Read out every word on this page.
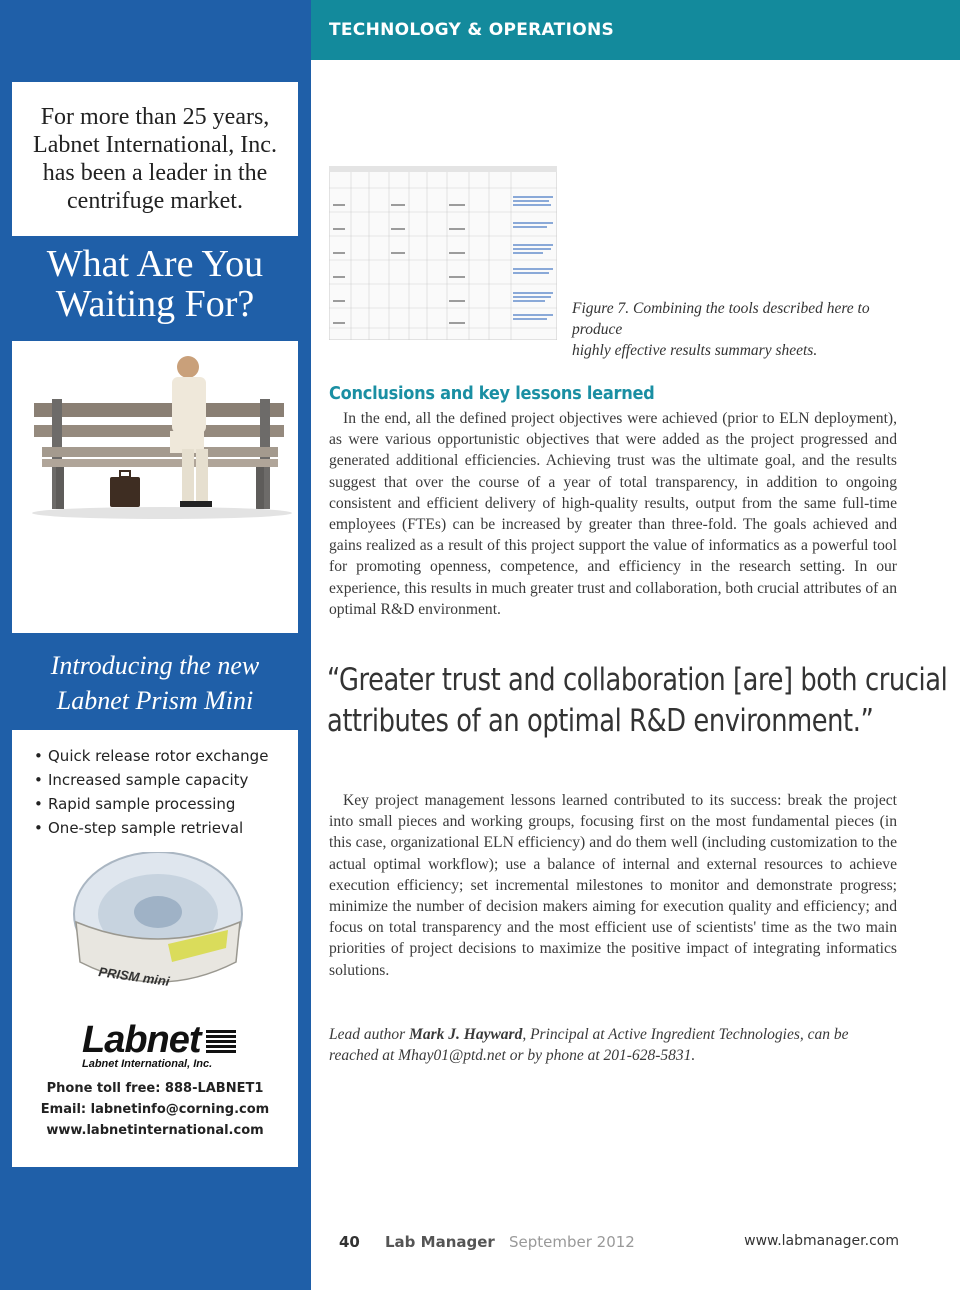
For more than 25 years,
Labnet International, Inc.
has been a leader in the
centrifuge market.
What Are You
Waiting For?
Introducing the new
Labnet Prism Mini
• Quick release rotor exchange
• Increased sample capacity
• Rapid sample processing
• One-step sample retrieval
PRISM mini
Labnet
Labnet International, Inc.
Phone toll free: 888-LABNET1
Email: labnetinfo@corning.com
www.labnetinternational.com
TECHNOLOGY & OPERATIONS
Figure 7. Combining the tools described here to produce
highly effective results summary sheets.
Conclusions and key lessons learned

In the end, all the defined project objectives were achieved (prior to ELN deployment), as were various opportunistic objectives that were added as the project progressed and generated additional efficiencies. Achieving trust was the ultimate goal, and the results suggest that over the course of a year of total transparency, in addition to ongoing consistent and efficient delivery of high-quality results, output from the same full-time employees (FTEs) can be increased by greater than three-fold. The goals achieved and gains realized as a result of this project support the value of informatics as a powerful tool for promoting openness, competence, and efficiency in the research setting. In our experience, this results in much greater trust and collaboration, both crucial attributes of an optimal R&D environment.

“Greater trust and collaboration [are] both crucial
attributes of an optimal R&D environment.”

Key project management lessons learned contributed to its success: break the project into small pieces and working groups, focusing first on the most fundamental pieces (in this case, organizational ELN efficiency) and do them well (including customization to the actual optimal workflow); use a balance of internal and external resources to achieve execution efficiency; set incremental milestones to monitor and demonstrate progress; minimize the number of decision makers aiming for execution quality and efficiency; and focus on total transparency and the most efficient use of scientists' time as the two main priorities of project decisions to maximize the positive impact of integrating informatics solutions.

Lead author Mark J. Hayward, Principal at Active Ingredient Technologies, can be reached at Mhay01@ptd.net or by phone at 201-628-5831.

40 Lab Manager September 2012	www.labmanager.com
